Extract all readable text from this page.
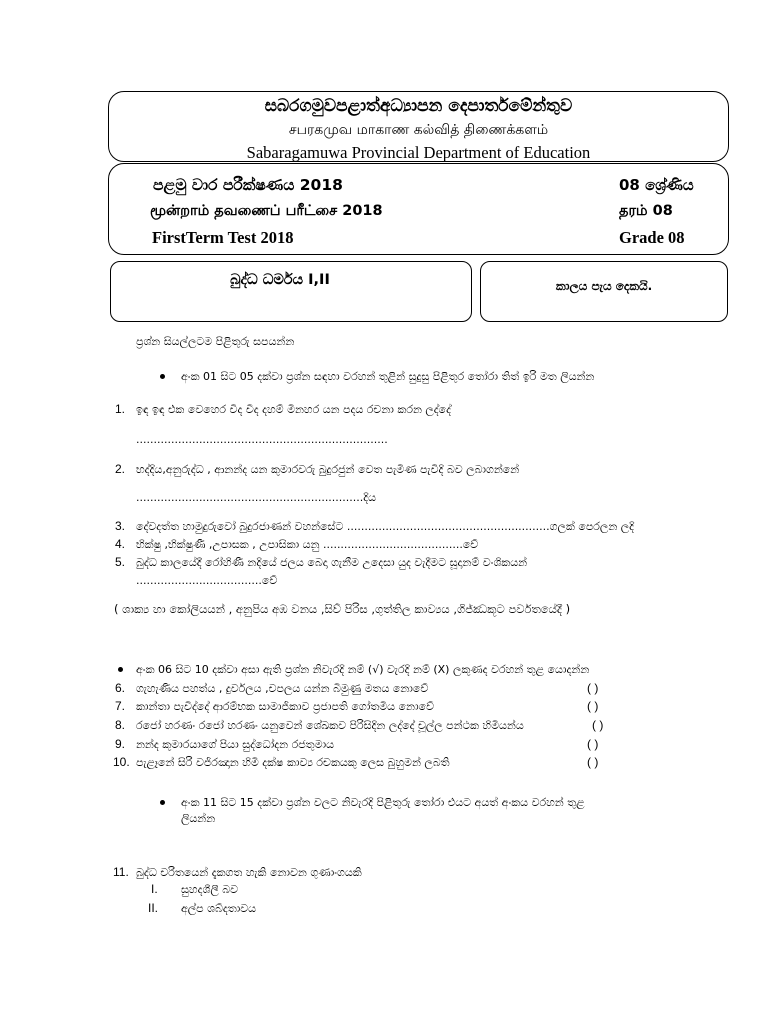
සබරගමුවපළාත්අධ්‍යාපන දෙපාර්තමේන්තුව
சபரகமுவ மாகாண கல்வித் திணைக்களம்
Sabaragamuwa Provincial Department of Education
පළමු වාර පරීක්ෂණය 2018	08 ශ්‍රේණිය
மூன்றாம் தவணைப் பரீட்சை 2018	தரம் 08
FirstTerm Test 2018	Grade 08
බුද්ධ ධර්මය I,II	කාලය පැය දෙකයි.
ප්‍රශ්න සියල්ලටම පිළිතුරු සපයන්න
අංක 01 සිට 05 දක්වා ප්‍රශ්න සඳහා වරහන් තුළින් සුදුසු පිළිතුර තෝරා තිත් ඉරි මත ලියන්න
1. ඉඳ ඉඳ එක වෙහෙර වීද වීද දහම් මිනහර යන පදය රචනා කරන ලද්දේ
........................................................................
2. භද්දිය,අනුරුද්ධ , ආනන්ද යන කුමාරවරු බුදුරජුන් වෙත පැමිණ පැවිදි බව ලබාගන්නේ
.................................................................දිය
3. දේවදත්ත හාමුදුරුවෝ බුදුරජාණන් වහන්සේට ..........................................................ගලක් පෙරලන ලදි
4. භික්ෂු ,භික්ෂුණී ,උපාසක , උපාසිකා යනු ........................................වේ
5. බුද්ධ කාලයේදී රෝහිණී නදියේ ජලය බෙදා ගැනීම උදෙසා යුද වැදීමට සූදානම් වංශිකයන්
....................................වේ
( ශාක්‍ය හා කෝලියයන් , අනුපිය අඹ වනය ,සිව් පිරිස ,ගුත්තිල කාව්‍යය ,ගිජ්ඣකූට පර්වතයේදී )
අංක 06 සිට 10 දක්වා අසා ඇති ප්‍රශ්න නිවැරදි නම් (√) වැරදි නම් (X) ලකුණද වරහන් තුළ යොදන්න
6. ගැහැණිය පහත්ය , දුර්වලය ,චපලය යන්න බිමුණු මතය නොවේ	( )
7. කාන්තා පැවිද්දේ ආරම්භක සාමාජිකාව ප්‍රජාපති ගෝතමිය නොවේ	( )
8. රජෝ හරණං රජෝ හරණං යනුවෙන් ශේඛකව පිරිසිදින ලද්දේ චූල්ල පන්ථක හිමියන්ය	( )
9. නන්ද කුමාරයාගේ පියා සුද්ධෝදන රජතුමාය	( )
10. පැළෑනේ සිරි වජිරඤාන හිමි දක්ෂ කාව්‍ය රචකයකු ලෙස බුහුමන් ලබති	( )
අංක 11 සිට 15 දක්වා ප්‍රශ්න වලට නිවැරදි පිළිතුරු තෝරා එයට අයත් අංකය වරහන් තුළ
ලියන්න
11. බුද්ධ චරිතයෙන් දැකගත හැකි නොවන ගුණාංගයකි
I. සුහදශීලී බව
II. අල්ප ශබ්දතාවය
